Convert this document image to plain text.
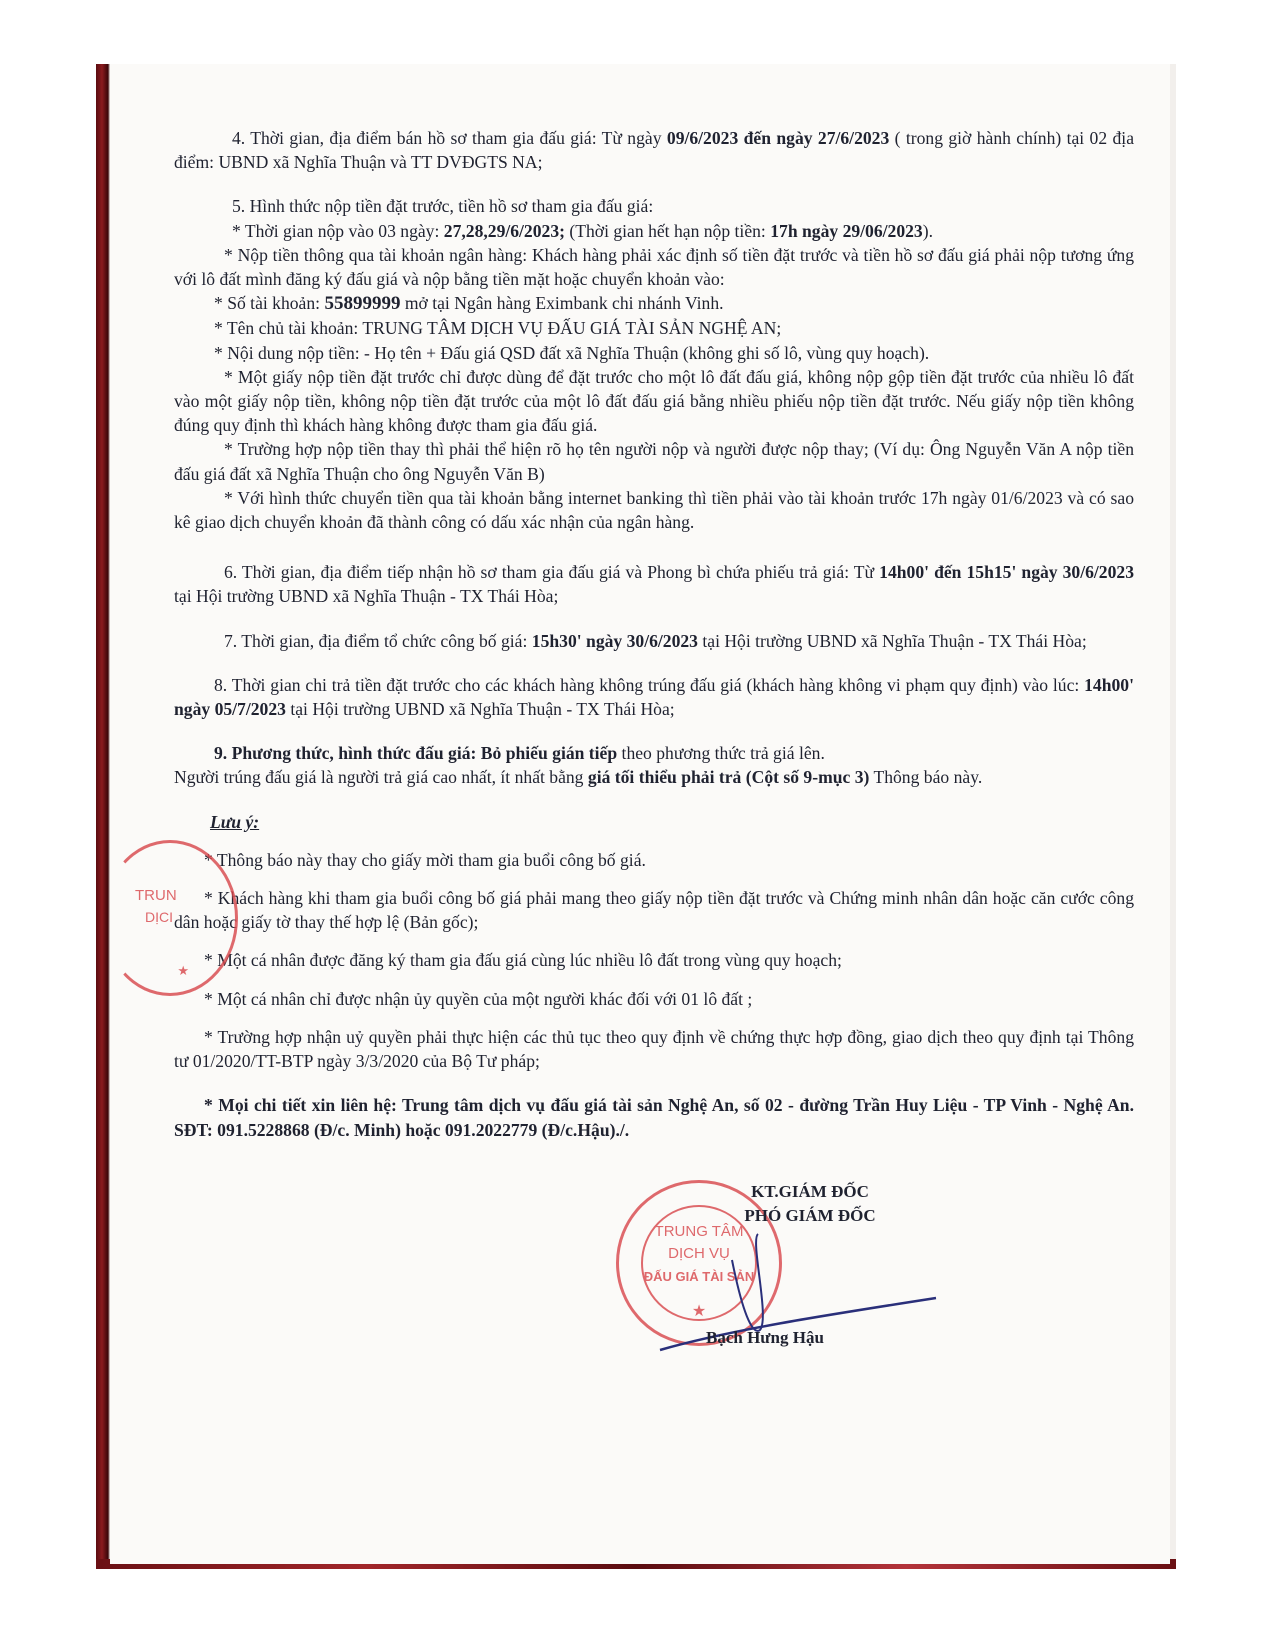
4. Thời gian, địa điểm bán hồ sơ tham gia đấu giá: Từ ngày 09/6/2023 đến ngày 27/6/2023 ( trong giờ hành chính) tại 02 địa điểm: UBND xã Nghĩa Thuận và TT DVĐGTS NA;

5. Hình thức nộp tiền đặt trước, tiền hồ sơ tham gia đấu giá:

* Thời gian nộp vào 03 ngày: 27,28,29/6/2023; (Thời gian hết hạn nộp tiền: 17h ngày 29/06/2023).

* Nộp tiền thông qua tài khoản ngân hàng: Khách hàng phải xác định số tiền đặt trước và tiền hồ sơ đấu giá phải nộp tương ứng với lô đất mình đăng ký đấu giá và nộp bằng tiền mặt hoặc chuyển khoản vào:

* Số tài khoản: 55899999 mở tại Ngân hàng Eximbank chi nhánh Vinh.

* Tên chủ tài khoản: TRUNG TÂM DỊCH VỤ ĐẤU GIÁ TÀI SẢN NGHỆ AN;

* Nội dung nộp tiền: - Họ tên + Đấu giá QSD đất xã Nghĩa Thuận (không ghi số lô, vùng quy hoạch).

* Một giấy nộp tiền đặt trước chỉ được dùng để đặt trước cho một lô đất đấu giá, không nộp gộp tiền đặt trước của nhiều lô đất vào một giấy nộp tiền, không nộp tiền đặt trước của một lô đất đấu giá bằng nhiều phiếu nộp tiền đặt trước. Nếu giấy nộp tiền không đúng quy định thì khách hàng không được tham gia đấu giá.

* Trường hợp nộp tiền thay thì phải thể hiện rõ họ tên người nộp và người được nộp thay; (Ví dụ: Ông Nguyễn Văn A nộp tiền đấu giá đất xã Nghĩa Thuận cho ông Nguyễn Văn B)

* Với hình thức chuyển tiền qua tài khoản bằng internet banking thì tiền phải vào tài khoản trước 17h ngày 01/6/2023 và có sao kê giao dịch chuyển khoản đã thành công có dấu xác nhận của ngân hàng.

6. Thời gian, địa điểm tiếp nhận hồ sơ tham gia đấu giá và Phong bì chứa phiếu trả giá: Từ 14h00' đến 15h15' ngày 30/6/2023 tại Hội trường UBND xã Nghĩa Thuận - TX Thái Hòa;

7. Thời gian, địa điểm tổ chức công bố giá: 15h30' ngày 30/6/2023 tại Hội trường UBND xã Nghĩa Thuận - TX Thái Hòa;

8. Thời gian chi trả tiền đặt trước cho các khách hàng không trúng đấu giá (khách hàng không vi phạm quy định) vào lúc: 14h00' ngày 05/7/2023 tại Hội trường UBND xã Nghĩa Thuận - TX Thái Hòa;

9. Phương thức, hình thức đấu giá: Bỏ phiếu gián tiếp theo phương thức trả giá lên.

Người trúng đấu giá là người trả giá cao nhất, ít nhất bằng giá tối thiểu phải trả (Cột số 9-mục 3) Thông báo này.

Lưu ý:

* Thông báo này thay cho giấy mời tham gia buổi công bố giá.

* Khách hàng khi tham gia buổi công bố giá phải mang theo giấy nộp tiền đặt trước và Chứng minh nhân dân hoặc căn cước công dân hoặc giấy tờ thay thế hợp lệ (Bản gốc);

* Một cá nhân được đăng ký tham gia đấu giá cùng lúc nhiều lô đất trong vùng quy hoạch;

* Một cá nhân chỉ được nhận ủy quyền của một người khác đối với 01 lô đất ;

* Trường hợp nhận uỷ quyền phải thực hiện các thủ tục theo quy định về chứng thực hợp đồng, giao dịch theo quy định tại Thông tư 01/2020/TT-BTP ngày 3/3/2020 của Bộ Tư pháp;

* Mọi chi tiết xin liên hệ: Trung tâm dịch vụ đấu giá tài sản Nghệ An, số 02 - đường Trần Huy Liệu - TP Vinh - Nghệ An. SĐT: 091.5228868 (Đ/c. Minh) hoặc 091.2022779 (Đ/c.Hậu)./.

TRUN
DỊCI
★
TRUNG TÂM
DỊCH VỤ
ĐẤU GIÁ TÀI SẢN
★
KT.GIÁM ĐỐC
PHÓ GIÁM ĐỐC
Bạch Hưng Hậu
